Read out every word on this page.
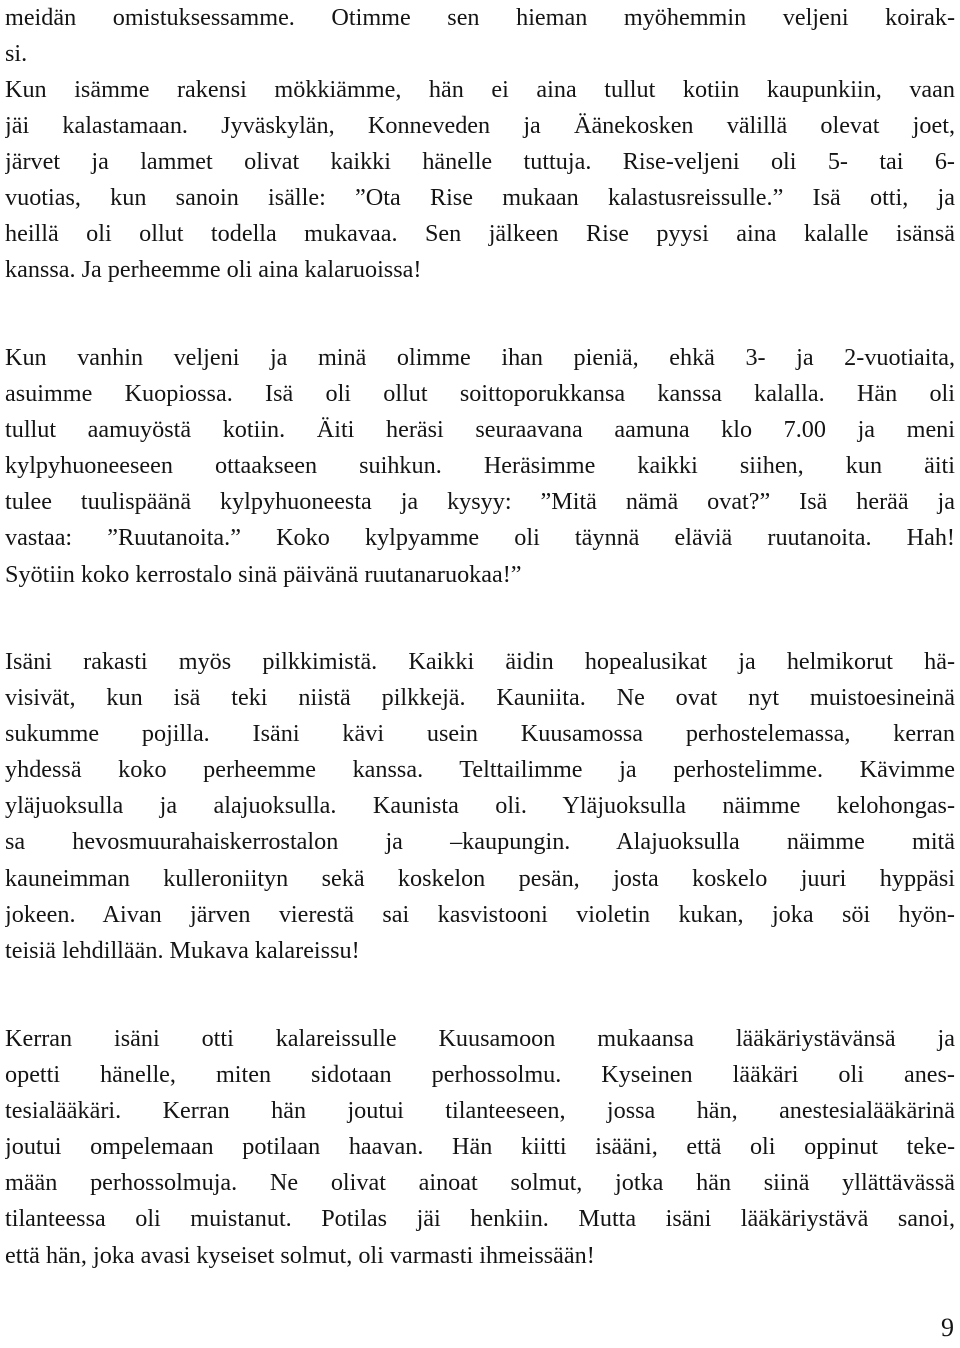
meidän omistuksessamme. Otimme sen hieman myöhemmin veljeni koirak-
si.
Kun isämme rakensi mökkiämme, hän ei aina tullut kotiin kaupunkiin, vaan
jäi kalastamaan. Jyväskylän, Konneveden ja Äänekosken välillä olevat joet,
järvet ja lammet olivat kaikki hänelle tuttuja. Rise-veljeni oli 5- tai 6-
vuotias, kun sanoin isälle: ”Ota Rise mukaan kalastusreissulle.” Isä otti, ja
heillä oli ollut todella mukavaa. Sen jälkeen Rise pyysi aina kalalle isänsä
kanssa. Ja perheemme oli aina kalaruoissa!
Kun vanhin veljeni ja minä olimme ihan pieniä, ehkä 3- ja 2-vuotiaita,
asuimme Kuopiossa. Isä oli ollut soittoporukkansa kanssa kalalla. Hän oli
tullut aamuyöstä kotiin. Äiti heräsi seuraavana aamuna klo 7.00 ja meni
kylpyhuoneeseen ottaakseen suihkun. Heräsimme kaikki siihen, kun äiti
tulee tuulispäänä kylpyhuoneesta ja kysyy: ”Mitä nämä ovat?” Isä herää ja
vastaa: ”Ruutanoita.” Koko kylpyamme oli täynnä eläviä ruutanoita. Hah!
Syötiin koko kerrostalo sinä päivänä ruutanaruokaa!”
Isäni rakasti myös pilkkimistä. Kaikki äidin hopealusikat ja helmikorut hä-
visivät, kun isä teki niistä pilkkejä. Kauniita. Ne ovat nyt muistoesineinä
sukumme pojilla. Isäni kävi usein Kuusamossa perhostelemassa, kerran
yhdessä koko perheemme kanssa. Telttailimme ja perhostelimme. Kävimme
yläjuoksulla ja alajuoksulla. Kaunista oli. Yläjuoksulla näimme kelohongas-
sa hevosmuurahaiskerrostalon ja –kaupungin. Alajuoksulla näimme mitä
kauneimman kulleroniityn sekä koskelon pesän, josta koskelo juuri hyppäsi
jokeen. Aivan järven vierestä sai kasvistooni violetin kukan, joka söi hyön-
teisiä lehdillään. Mukava kalareissu!
Kerran isäni otti kalareissulle Kuusamoon mukaansa lääkäriystävänsä ja
opetti hänelle, miten sidotaan perhossolmu. Kyseinen lääkäri oli anes-
tesialääkäri. Kerran hän joutui tilanteeseen, jossa hän, anestesialääkärinä
joutui ompelemaan potilaan haavan. Hän kiitti isääni, että oli oppinut teke-
mään perhossolmuja. Ne olivat ainoat solmut, jotka hän siinä yllättävässä
tilanteessa oli muistanut. Potilas jäi henkiin. Mutta isäni lääkäriystävä sanoi,
että hän, joka avasi kyseiset solmut, oli varmasti ihmeissään!
9
